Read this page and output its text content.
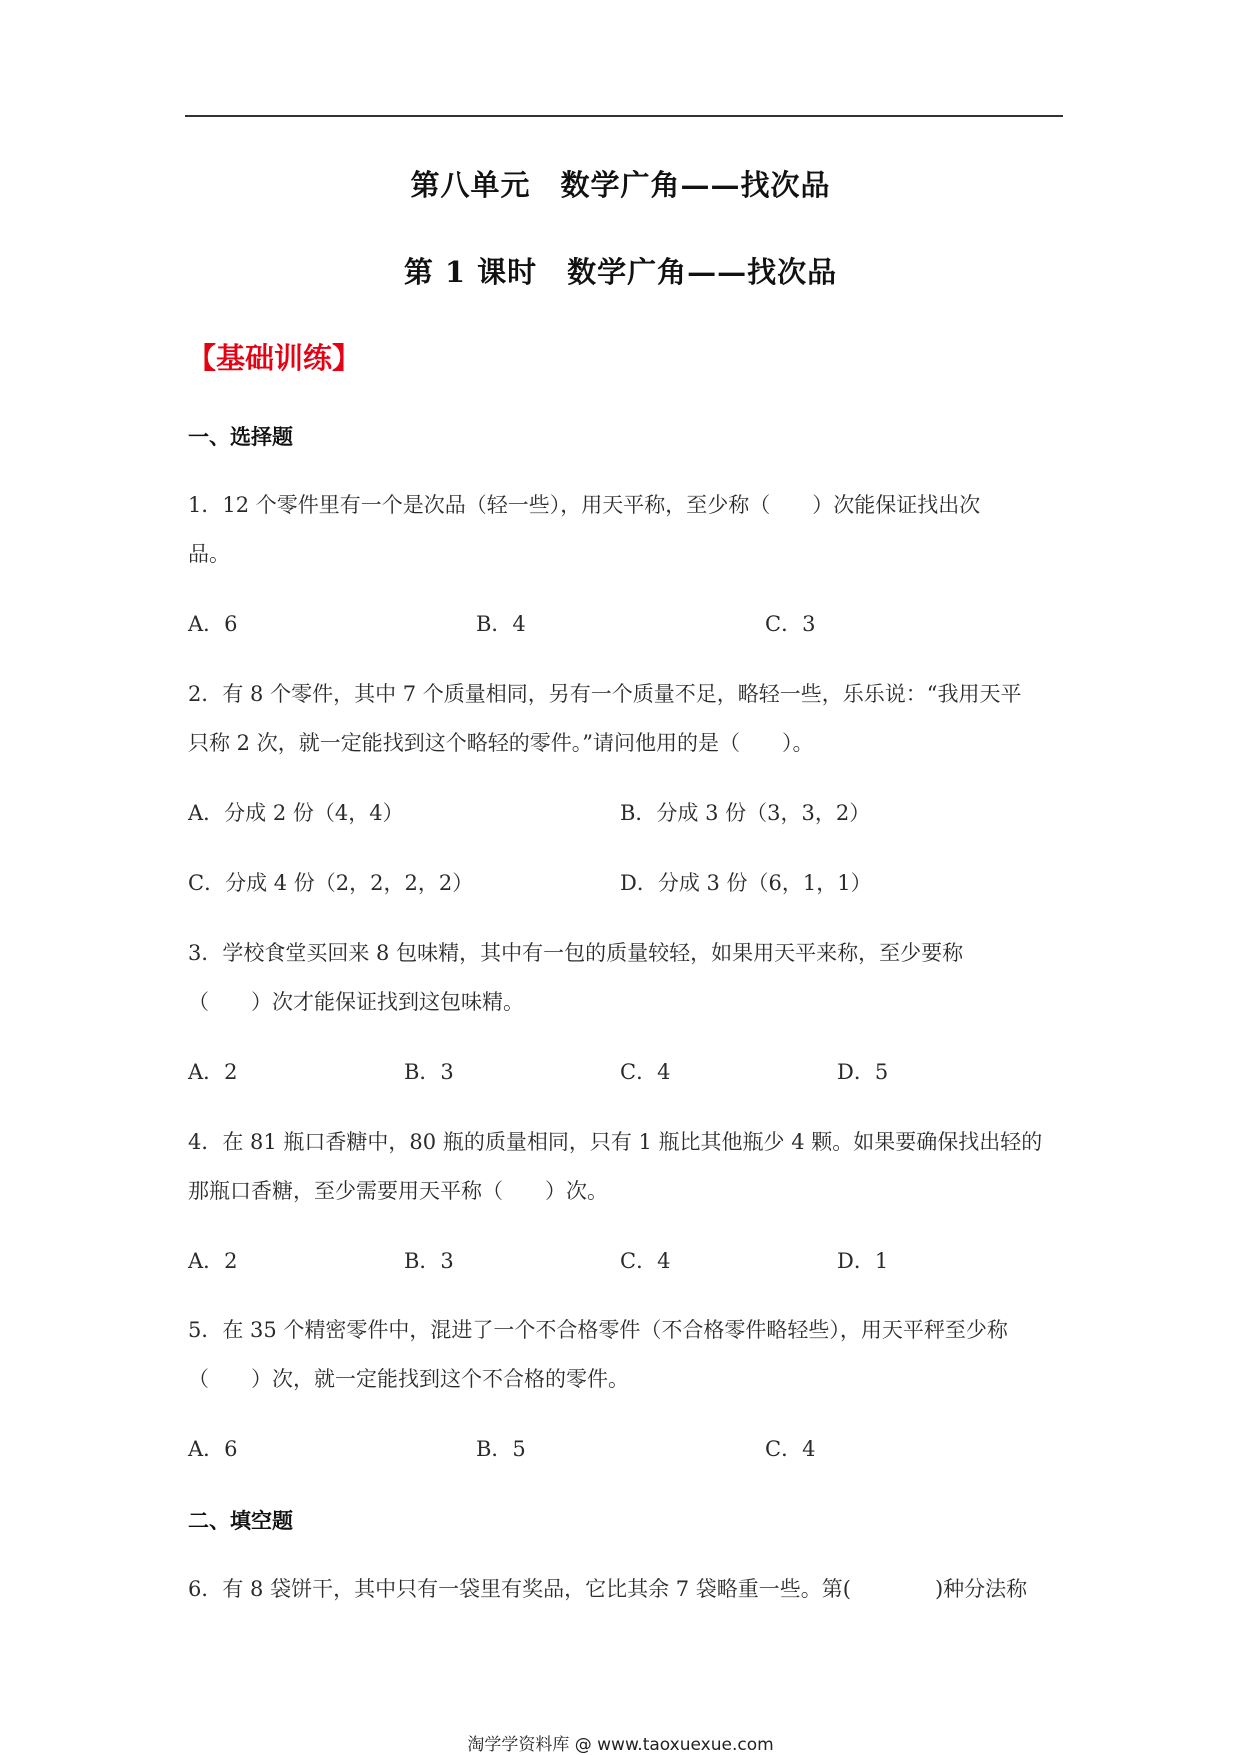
第八单元　数学广角——找次品
第 1 课时　数学广角——找次品
【基础训练】
一、选择题
1．12 个零件里有一个是次品（轻一些），用天平称，至少称（　　）次能保证找出次
品。
A．6	B．4	C．3
2．有 8 个零件，其中 7 个质量相同，另有一个质量不足，略轻一些，乐乐说：“我用天平
只称 2 次，就一定能找到这个略轻的零件。”请问他用的是（　　）。
A．分成 2 份（4，4）	B．分成 3 份（3，3，2）
C．分成 4 份（2，2，2，2）	D．分成 3 份（6，1，1）
3．学校食堂买回来 8 包味精，其中有一包的质量较轻，如果用天平来称，至少要称
（　　）次才能保证找到这包味精。
A．2	B．3	C．4	D．5
4．在 81 瓶口香糖中，80 瓶的质量相同，只有 1 瓶比其他瓶少 4 颗。如果要确保找出轻的
那瓶口香糖，至少需要用天平称（　　）次。
A．2	B．3	C．4	D．1
5．在 35 个精密零件中，混进了一个不合格零件（不合格零件略轻些），用天平秤至少称
（　　）次，就一定能找到这个不合格的零件。
A．6	B．5	C．4
二、填空题
6．有 8 袋饼干，其中只有一袋里有奖品，它比其余 7 袋略重一些。第(　　　　)种分法称
淘学学资料库 @ www.taoxuexue.com
